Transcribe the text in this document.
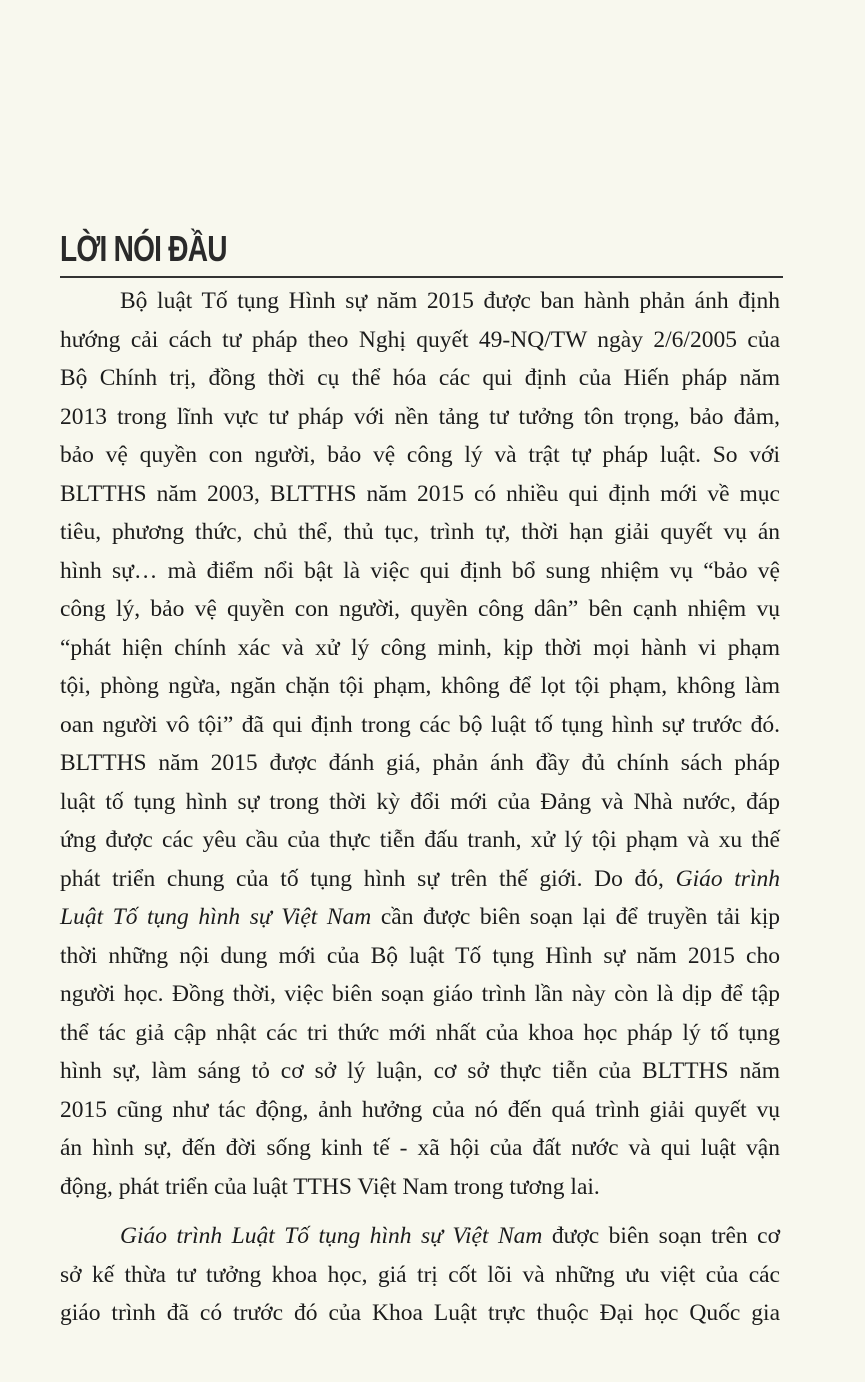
LỜI NÓI ĐẦU
Bộ luật Tố tụng Hình sự năm 2015 được ban hành phản ánh định
hướng cải cách tư pháp theo Nghị quyết 49-NQ/TW ngày 2/6/2005 của
Bộ Chính trị, đồng thời cụ thể hóa các qui định của Hiến pháp năm
2013 trong lĩnh vực tư pháp với nền tảng tư tưởng tôn trọng, bảo đảm,
bảo vệ quyền con người, bảo vệ công lý và trật tự pháp luật. So với
BLTTHS năm 2003, BLTTHS năm 2015 có nhiều qui định mới về mục
tiêu, phương thức, chủ thể, thủ tục, trình tự, thời hạn giải quyết vụ án
hình sự… mà điểm nổi bật là việc qui định bổ sung nhiệm vụ “bảo vệ
công lý, bảo vệ quyền con người, quyền công dân” bên cạnh nhiệm vụ
“phát hiện chính xác và xử lý công minh, kịp thời mọi hành vi phạm
tội, phòng ngừa, ngăn chặn tội phạm, không để lọt tội phạm, không làm
oan người vô tội” đã qui định trong các bộ luật tố tụng hình sự trước đó.
BLTTHS năm 2015 được đánh giá, phản ánh đầy đủ chính sách pháp
luật tố tụng hình sự trong thời kỳ đổi mới của Đảng và Nhà nước, đáp
ứng được các yêu cầu của thực tiễn đấu tranh, xử lý tội phạm và xu thế
phát triển chung của tố tụng hình sự trên thế giới. Do đó, Giáo trình
Luật Tố tụng hình sự Việt Nam cần được biên soạn lại để truyền tải kịp
thời những nội dung mới của Bộ luật Tố tụng Hình sự năm 2015 cho
người học. Đồng thời, việc biên soạn giáo trình lần này còn là dịp để tập
thể tác giả cập nhật các tri thức mới nhất của khoa học pháp lý tố tụng
hình sự, làm sáng tỏ cơ sở lý luận, cơ sở thực tiễn của BLTTHS năm
2015 cũng như tác động, ảnh hưởng của nó đến quá trình giải quyết vụ
án hình sự, đến đời sống kinh tế - xã hội của đất nước và qui luật vận
động, phát triển của luật TTHS Việt Nam trong tương lai.
Giáo trình Luật Tố tụng hình sự Việt Nam được biên soạn trên cơ
sở kế thừa tư tưởng khoa học, giá trị cốt lõi và những ưu việt của các
giáo trình đã có trước đó của Khoa Luật trực thuộc Đại học Quốc gia
